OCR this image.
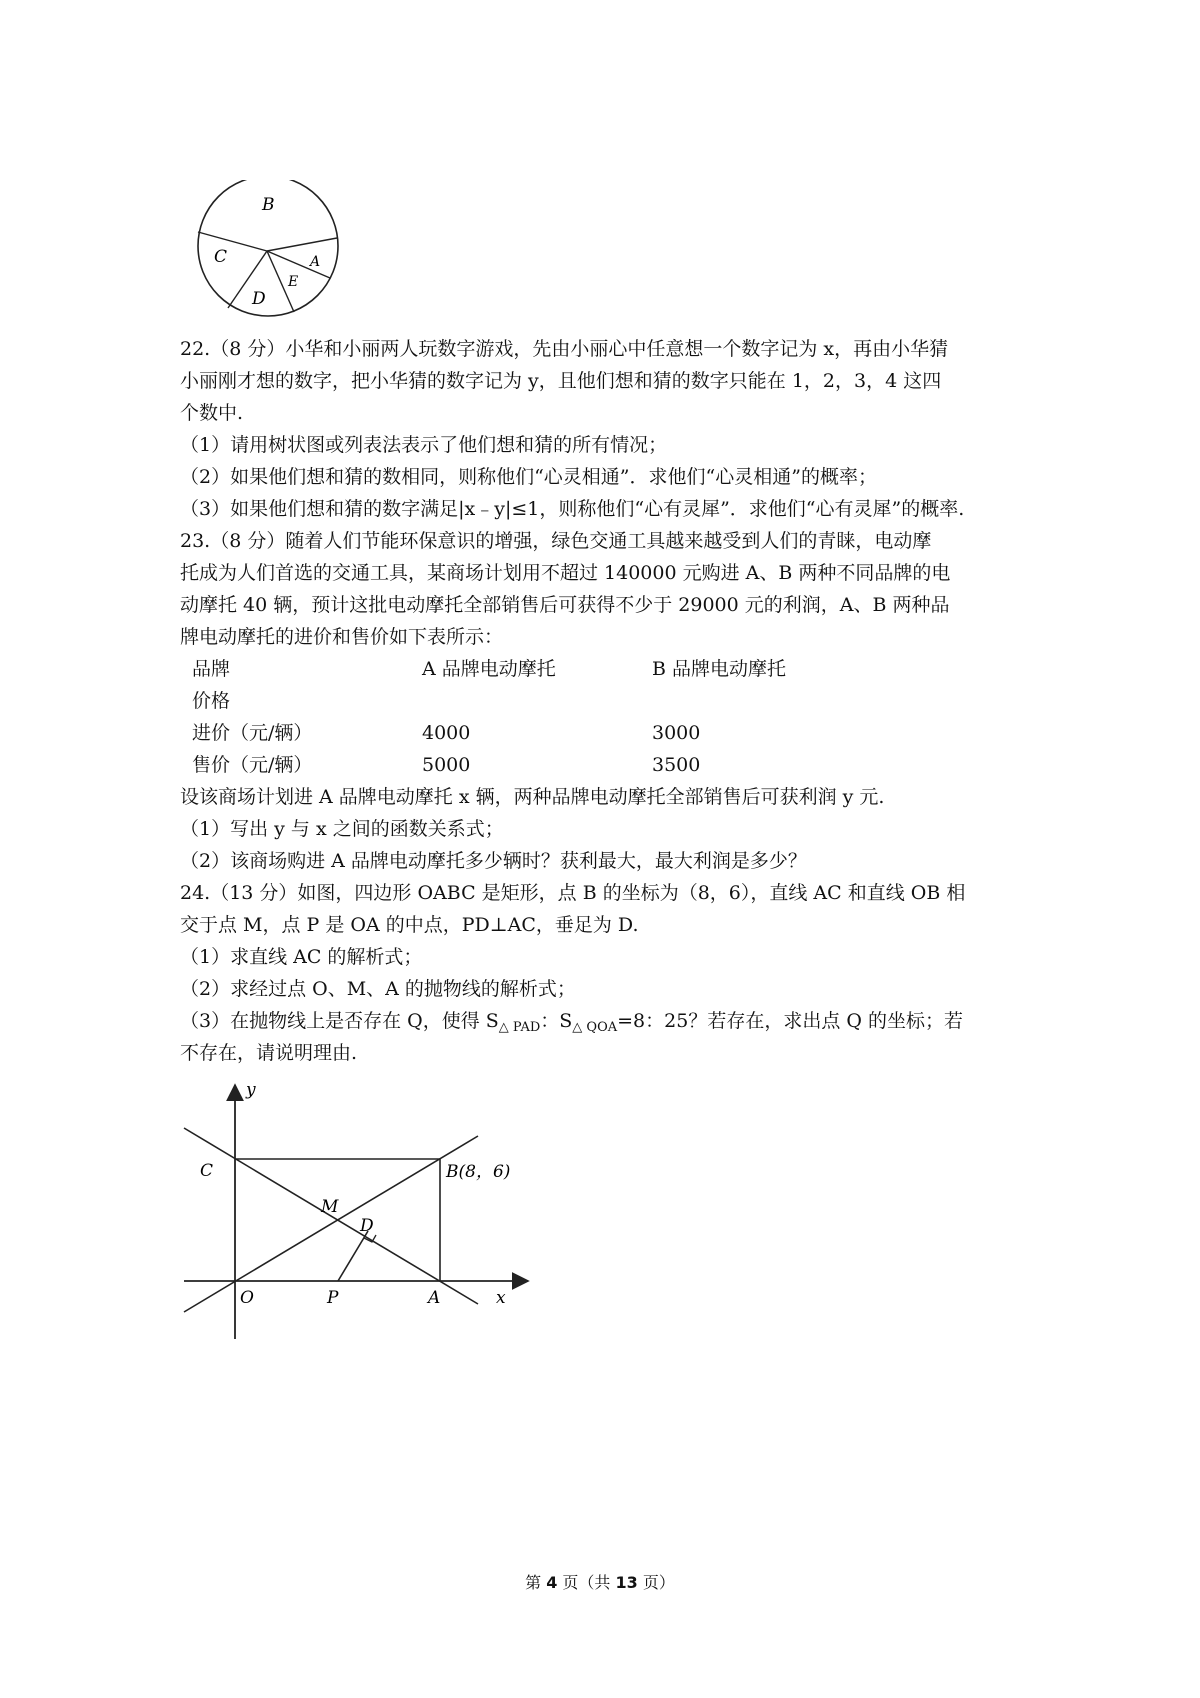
B
C	A
E
D
22.（8 分）小华和小丽两人玩数字游戏，先由小丽心中任意想一个数字记为 x，再由小华猜
小丽刚才想的数字，把小华猜的数字记为 y，且他们想和猜的数字只能在 1，2，3，4 这四
个数中.
（1）请用树状图或列表法表示了他们想和猜的所有情况；
（2）如果他们想和猜的数相同，则称他们“心灵相通”．求他们“心灵相通”的概率；
（3）如果他们想和猜的数字满足|x﹣y|≤1，则称他们“心有灵犀”．求他们“心有灵犀”的概率.
23.（8 分）随着人们节能环保意识的增强，绿色交通工具越来越受到人们的青睐，电动摩
托成为人们首选的交通工具，某商场计划用不超过 140000 元购进 A、B 两种不同品牌的电
动摩托 40 辆，预计这批电动摩托全部销售后可获得不少于 29000 元的利润，A、B 两种品
牌电动摩托的进价和售价如下表所示：
品牌	A 品牌电动摩托	B 品牌电动摩托
价格
进价（元/辆）	4000	3000
售价（元/辆）	5000	3500
设该商场计划进 A 品牌电动摩托 x 辆，两种品牌电动摩托全部销售后可获利润 y 元.
（1）写出 y 与 x 之间的函数关系式；
（2）该商场购进 A 品牌电动摩托多少辆时？获利最大，最大利润是多少？
24.（13 分）如图，四边形 OABC 是矩形，点 B 的坐标为（8，6），直线 AC 和直线 OB 相
交于点 M，点 P 是 OA 的中点，PD⊥AC，垂足为 D.
（1）求直线 AC 的解析式；
（2）求经过点 O、M、A 的抛物线的解析式；
（3）在抛物线上是否存在 Q，使得 $S_{\triangle PAD}$：$S_{\triangle QOA}=8$：25？若存在，求出点 Q 的坐标；若
不存在，请说明理由.
y
x
C	B(8，6)
M
D
O	P	A
第 4 页（共 13 页）
